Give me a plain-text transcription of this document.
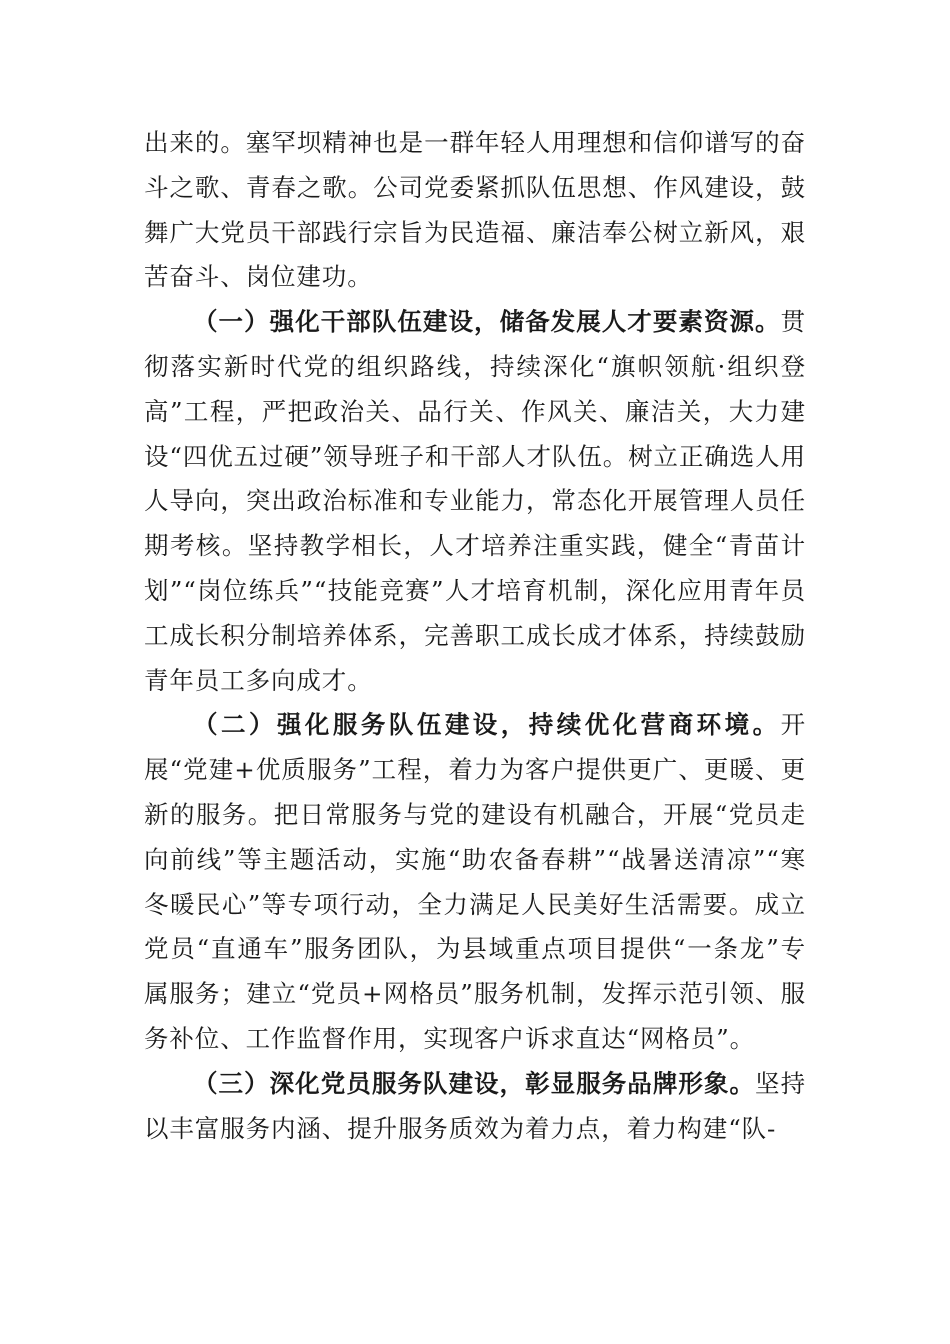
出来的。塞罕坝精神也是一群年轻人用理想和信仰谱写的奋斗之歌、青春之歌。公司党委紧抓队伍思想、作风建设，鼓舞广大党员干部践行宗旨为民造福、廉洁奉公树立新风，艰苦奋斗、岗位建功。

（一）强化干部队伍建设，储备发展人才要素资源。贯彻落实新时代党的组织路线，持续深化“旗帜领航·组织登高”工程，严把政治关、品行关、作风关、廉洁关，大力建设“四优五过硬”领导班子和干部人才队伍。树立正确选人用人导向，突出政治标准和专业能力，常态化开展管理人员任期考核。坚持教学相长，人才培养注重实践，健全“青苗计划”“岗位练兵”“技能竞赛”人才培育机制，深化应用青年员工成长积分制培养体系，完善职工成长成才体系，持续鼓励青年员工多向成才。

（二）强化服务队伍建设，持续优化营商环境。开展“党建+优质服务”工程，着力为客户提供更广、更暖、更新的服务。把日常服务与党的建设有机融合，开展“党员走向前线”等主题活动，实施“助农备春耕”“战暑送清凉”“寒冬暖民心”等专项行动，全力满足人民美好生活需要。成立党员“直通车”服务团队，为县域重点项目提供“一条龙”专属服务；建立“党员+网格员”服务机制，发挥示范引领、服务补位、工作监督作用，实现客户诉求直达“网格员”。

（三）深化党员服务队建设，彰显服务品牌形象。坚持以丰富服务内涵、提升服务质效为着力点，着力构建“队-
